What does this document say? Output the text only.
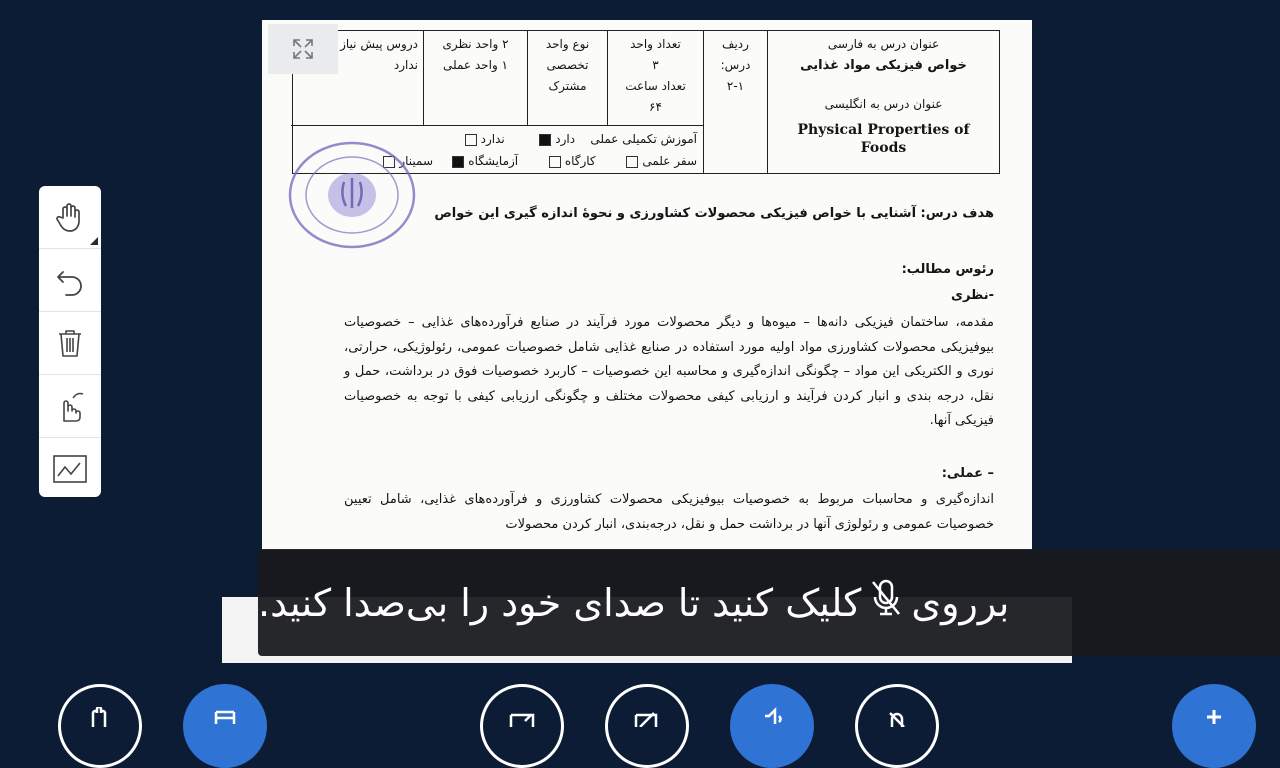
عنوان درس به فارسی
خواص فیزیکی مواد غذایی
عنوان درس به انگلیسی
Physical Properties of Foods
ردیف
درس:
۲-۱
تعداد واحد
۳
تعداد ساعت
۶۴
نوع واحد
تخصصی
مشترک
۲ واحد نظری
۱ واحد عملی
دروس پیش نیاز
ندارد
آموزش تکمیلی عملی    دارد        ندارد
سفر علمی       کارگاه       آزمایشگاه    سمینار
هدف درس: آشنایی با خواص فیزیکی محصولات کشاورزی و نحوهٔ اندازه گیری این خواص
رئوس مطالب:
-نظری
مقدمه، ساختمان فیزیکی دانه‌ها – میوه‌ها و دیگر محصولات مورد فرآیند در صنایع فرآورده‌های غذایی – خصوصیات بیوفیزیکی محصولات کشاورزی مواد اولیه مورد استفاده در صنایع غذایی شامل خصوصیات عمومی، رئولوژیکی، حرارتی، نوری و الکتریکی این مواد – چگونگی اندازه‌گیری و محاسبه این خصوصیات – کاربرد خصوصیات فوق در برداشت، حمل و نقل، درجه بندی و انبار کردن فرآیند و ارزیابی کیفی محصولات مختلف و چگونگی ارزیابی کیفی با توجه به خصوصیات فیزیکی آنها.
– عملی:
اندازه‌گیری و محاسبات مربوط به خصوصیات بیوفیزیکی محصولات کشاورزی و فرآورده‌های غذایی، شامل تعیین خصوصیات عمومی و رئولوژی آنها در برداشت حمل و نقل، درجه‌بندی، انبار کردن محصولات
برروی
کلیک کنید تا صدای خود را بی‌صدا کنید.
